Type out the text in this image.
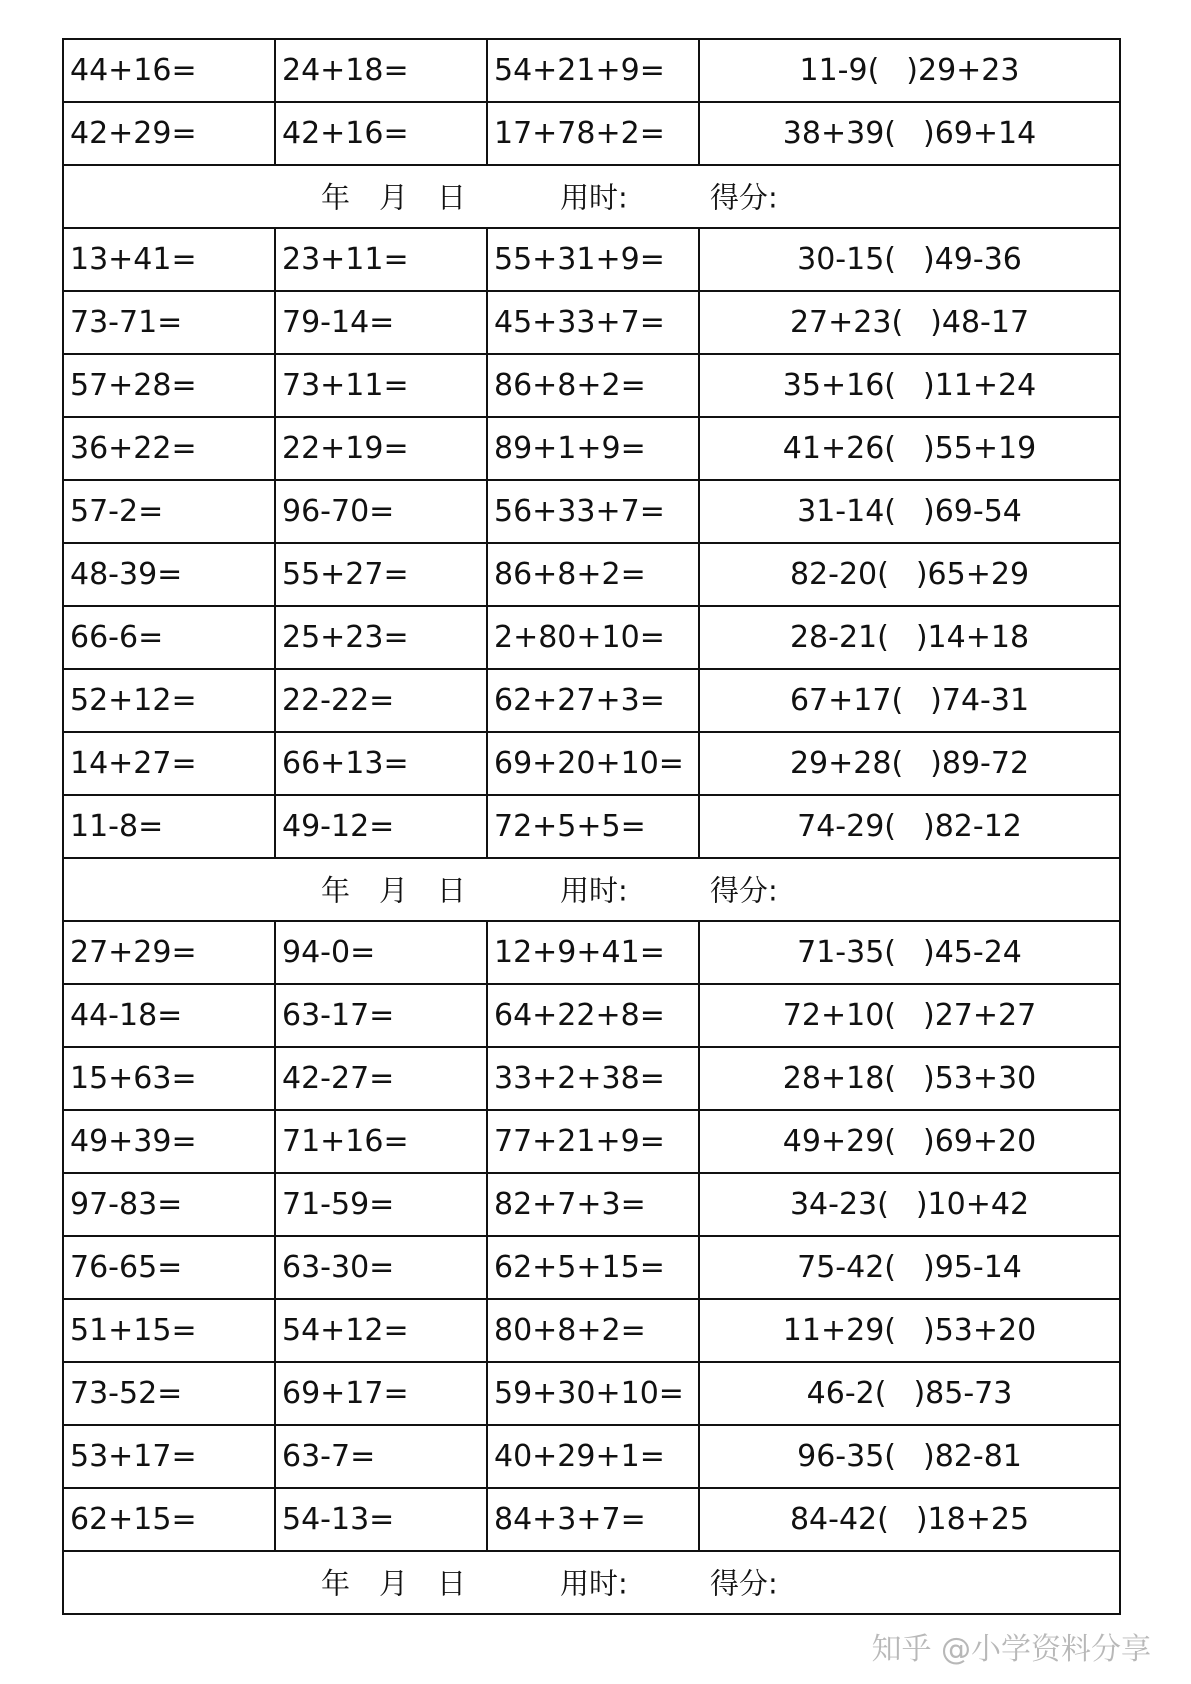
44+16=	24+18=	54+21+9=	11-9( )29+23
42+29=	42+16=	17+78+2=	38+39( )69+14

年　月　日 用时: 得分:			

13+41=	23+11=	55+31+9=	30-15( )49-36
73-71=	79-14=	45+33+7=	27+23( )48-17
57+28=	73+11=	86+8+2=	35+16( )11+24
36+22=	22+19=	89+1+9=	41+26( )55+19
57-2=	96-70=	56+33+7=	31-14( )69-54
48-39=	55+27=	86+8+2=	82-20( )65+29
66-6=	25+23=	2+80+10=	28-21( )14+18
52+12=	22-22=	62+27+3=	67+17( )74-31
14+27=	66+13=	69+20+10=	29+28( )89-72
11-8=	49-12=	72+5+5=	74-29( )82-12

年　月　日 用时: 得分:			

27+29=	94-0=	12+9+41=	71-35( )45-24
44-18=	63-17=	64+22+8=	72+10( )27+27
15+63=	42-27=	33+2+38=	28+18( )53+30
49+39=	71+16=	77+21+9=	49+29( )69+20
97-83=	71-59=	82+7+3=	34-23( )10+42
76-65=	63-30=	62+5+15=	75-42( )95-14
51+15=	54+12=	80+8+2=	11+29( )53+20
73-52=	69+17=	59+30+10=	46-2( )85-73
53+17=	63-7=	40+29+1=	96-35( )82-81
62+15=	54-13=	84+3+7=	84-42( )18+25

年　月　日 用时: 得分:			
知乎 @小学资料分享
